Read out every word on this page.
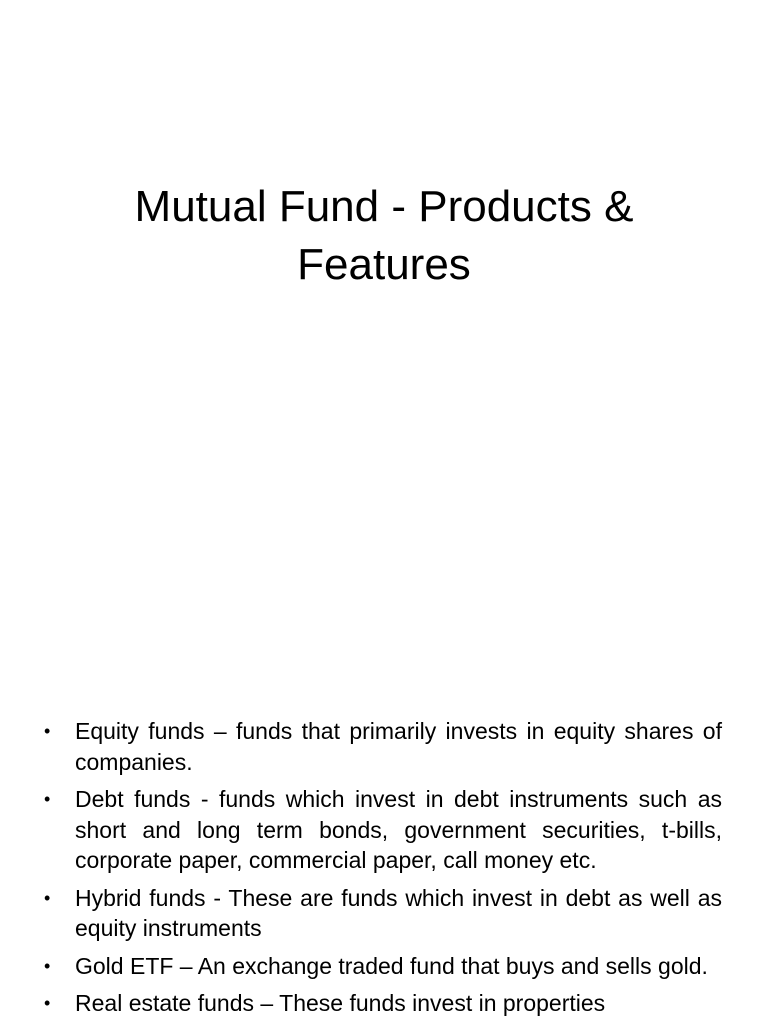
Mutual Fund - Products &
Features
• Equity funds – funds that primarily invests in equity shares of companies.
• Debt funds - funds which invest in debt instruments such as short and long term bonds, government securities, t-bills, corporate paper, commercial paper, call money etc.
• Hybrid funds - These are funds which invest in debt as well as equity instruments
• Gold ETF – An exchange traded fund that buys and sells gold.
• Real estate funds – These funds invest in properties
